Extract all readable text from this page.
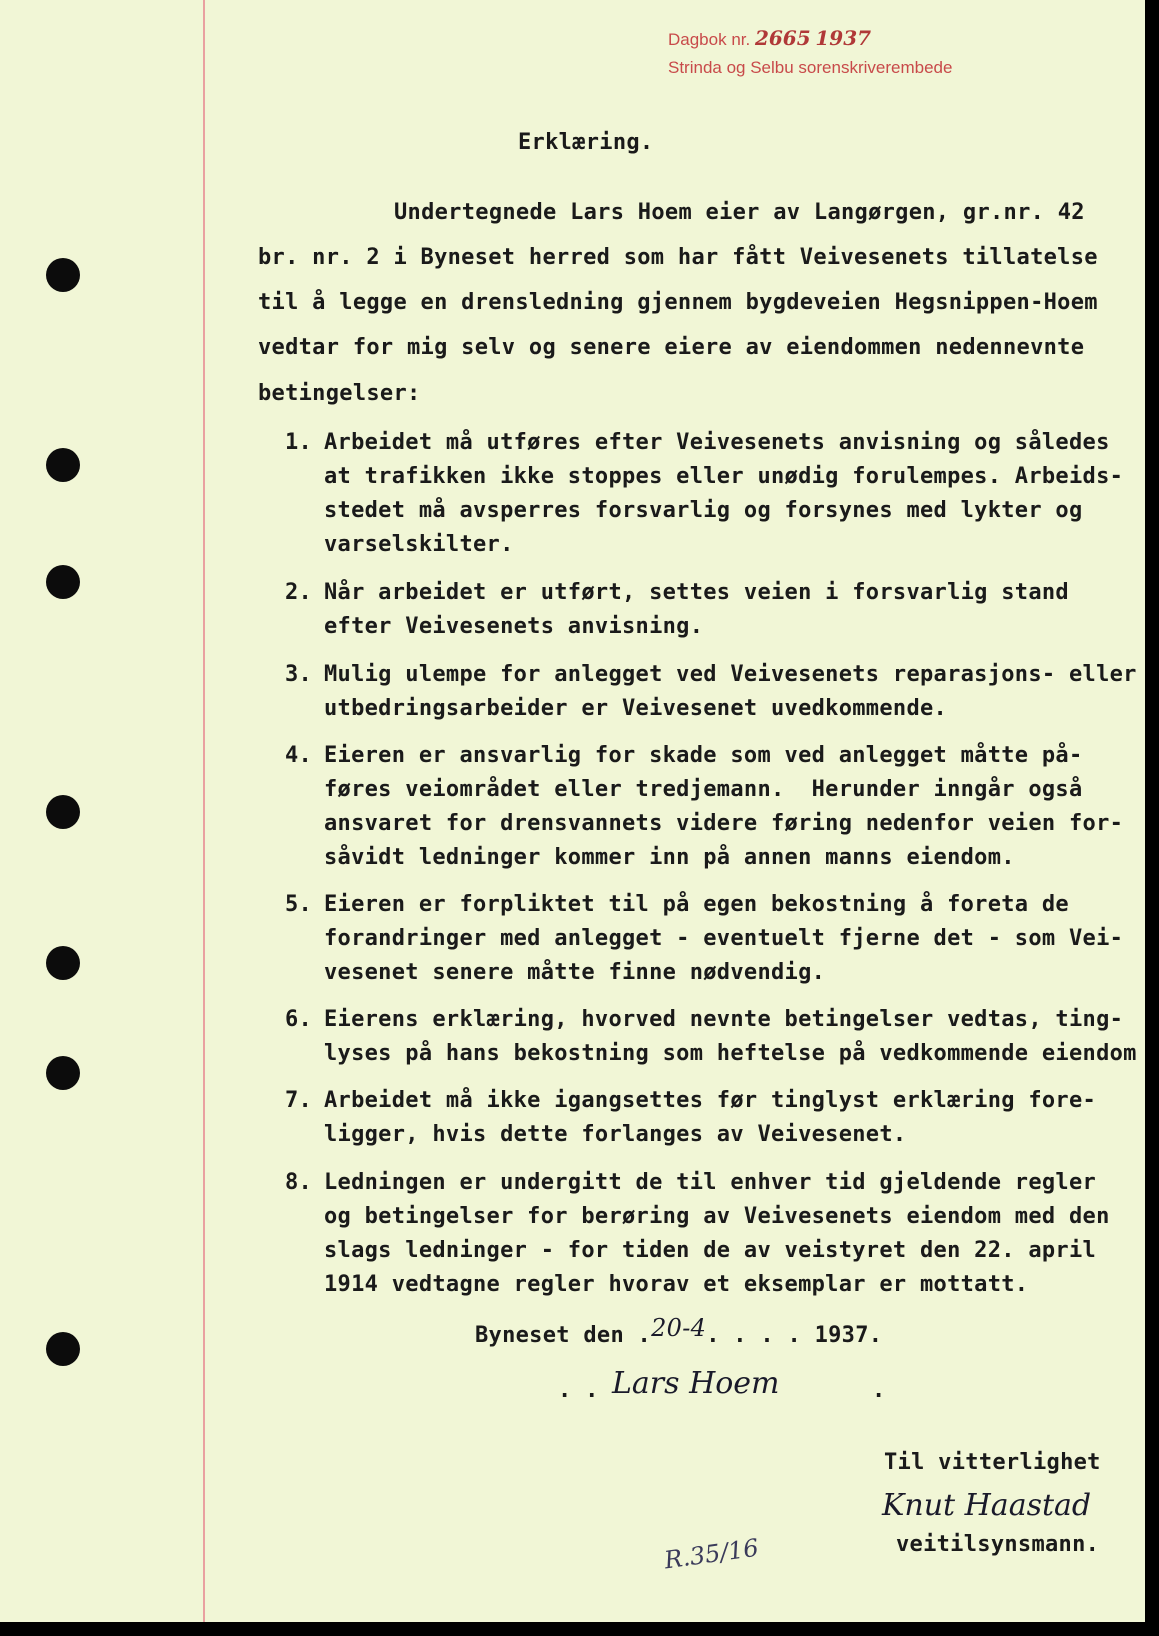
Dagbok nr. 2665 1937
Strinda og Selbu sorenskriverembede
Erklæring.
Undertegnede Lars Hoem eier av Langørgen, gr.nr. 42
br. nr. 2 i Byneset herred som har fått Veivesenets tillatelse
til å legge en drensledning gjennem bygdeveien Hegsnippen-Hoem
vedtar for mig selv og senere eiere av eiendommen nedennevnte
betingelser:
1. Arbeidet må utføres efter Veivesenets anvisning og således
at trafikken ikke stoppes eller unødig forulempes. Arbeids-
stedet må avsperres forsvarlig og forsynes med lykter og
varselskilter.
2. Når arbeidet er utført, settes veien i forsvarlig stand
efter Veivesenets anvisning.
3. Mulig ulempe for anlegget ved Veivesenets reparasjons- eller
utbedringsarbeider er Veivesenet uvedkommende.
4. Eieren er ansvarlig for skade som ved anlegget måtte på-
føres veiområdet eller tredjemann.  Herunder inngår også
ansvaret for drensvannets videre føring nedenfor veien for-
såvidt ledninger kommer inn på annen manns eiendom.
5. Eieren er forpliktet til på egen bekostning å foreta de
forandringer med anlegget - eventuelt fjerne det - som Vei-
vesenet senere måtte finne nødvendig.
6. Eierens erklæring, hvorved nevnte betingelser vedtas, ting-
lyses på hans bekostning som heftelse på vedkommende eiendom
7. Arbeidet må ikke igangsettes før tinglyst erklæring fore-
ligger, hvis dette forlanges av Veivesenet.
8. Ledningen er undergitt de til enhver tid gjeldende regler
og betingelser for berøring av Veivesenets eiendom med den
slags ledninger - for tiden de av veistyret den 22. april
1914 vedtagne regler hvorav et eksemplar er mottatt.
Byneset den .20-4. . . . 1937.
. . Lars Hoem	.
Til vitterlighet
Knut Haastad
veitilsynsmann.
R.35/16
